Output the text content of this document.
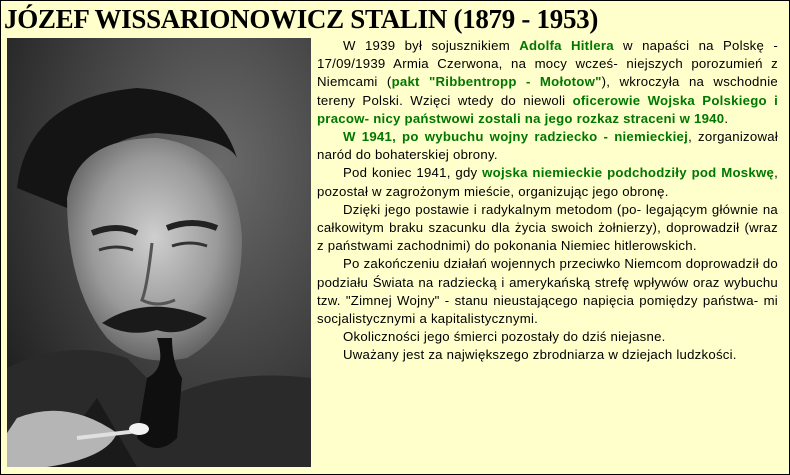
JÓZEF WISSARIONOWICZ STALIN (1879 - 1953)

W 1939 był sojusznikiem Adolfa Hitlera w napaści na Polskę - 17/09/1939 Armia Czerwona, na mocy wcześ- niejszych porozumień z Niemcami (pakt "Ribbentropp - Mołotow"), wkroczyła na wschodnie tereny Polski. Wzięci wtedy do niewoli oficerowie Wojska Polskiego i pracow- nicy państwowi zostali na jego rozkaz straceni w 1940.

W 1941, po wybuchu wojny radziecko - niemieckiej, zorganizował naród do bohaterskiej obrony.

Pod koniec 1941, gdy wojska niemieckie podchodziły pod Moskwę, pozostał w zagrożonym mieście, organizując jego obronę.

Dzięki jego postawie i radykalnym metodom (po- legającym głównie na całkowitym braku szacunku dla życia swoich żołnierzy), doprowadził (wraz z państwami zachodnimi) do pokonania Niemiec hitlerowskich.

Po zakończeniu działań wojennych przeciwko Niemcom doprowadził do podziału Świata na radziecką i amerykańską strefę wpływów oraz wybuchu tzw. "Zimnej Wojny" - stanu nieustającego napięcia pomiędzy państwa- mi socjalistycznymi a kapitalistycznymi.

Okoliczności jego śmierci pozostały do dziś niejasne.

Uważany jest za największego zbrodniarza w dziejach ludzkości.
